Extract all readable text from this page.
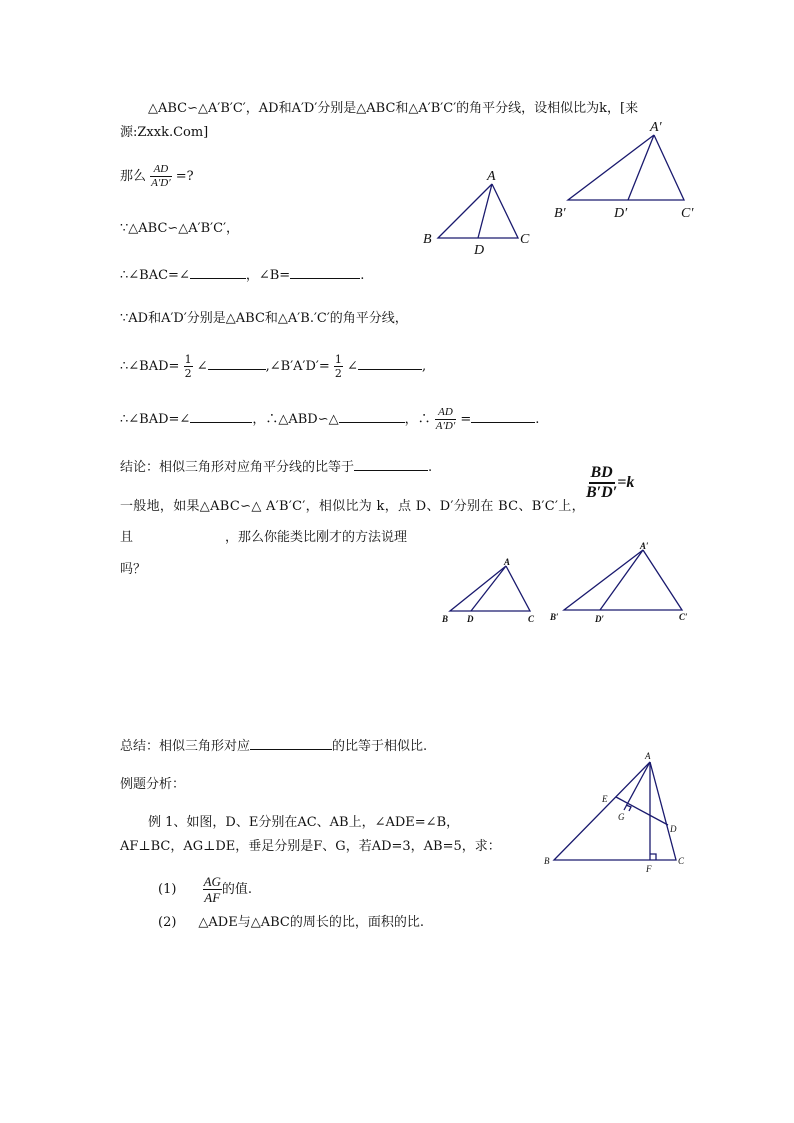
△ABC∽△A′B′C′，AD和A′D′分别是△ABC和△A′B′C′的角平分线，设相似比为k，[来
源:Zxxk.Com]
那么 $\frac{AD}{A'D'}$ =?
∵△ABC∽△A′B′C′，
∴∠BAC=∠	，∠B=	.
∵AD和A′D′分别是△ABC和△A′B.′C′的角平分线，
∴∠BAD= $\frac{1}{2}$ ∠	,∠B′A′D′= $\frac{1}{2}$ ∠	,
∴∠BAD=∠	，∴△ABD∽△	，∴ $\frac{AD}{A'D'}$ =	.
结论：相似三角形对应角平分线的比等于	.	$\frac{BD}{B'D'} =k$
一般地，如果△ABC∽△ A′B′C′，相似比为 k，点 D、D′分别在 BC、B′C′上，
且	，那么你能类比刚才的方法说理
吗？
总结：相似三角形对应	的比等于相似比.
例题分析：
例 1、如图，D、E分别在AC、AB上，∠ADE=∠B，
AF⊥BC，AG⊥DE，垂足分别是F、G，若AD=3，AB=5，求：
$(1) \frac{AG}{AF}$ 的值.
(2) △ADE与△ABC的周长的比，面积的比.
A
B	C
D
A′
B′	C′
D′
A
B	C
D
A′
B′	C′
D′
A
B	C
D
E
F
G
